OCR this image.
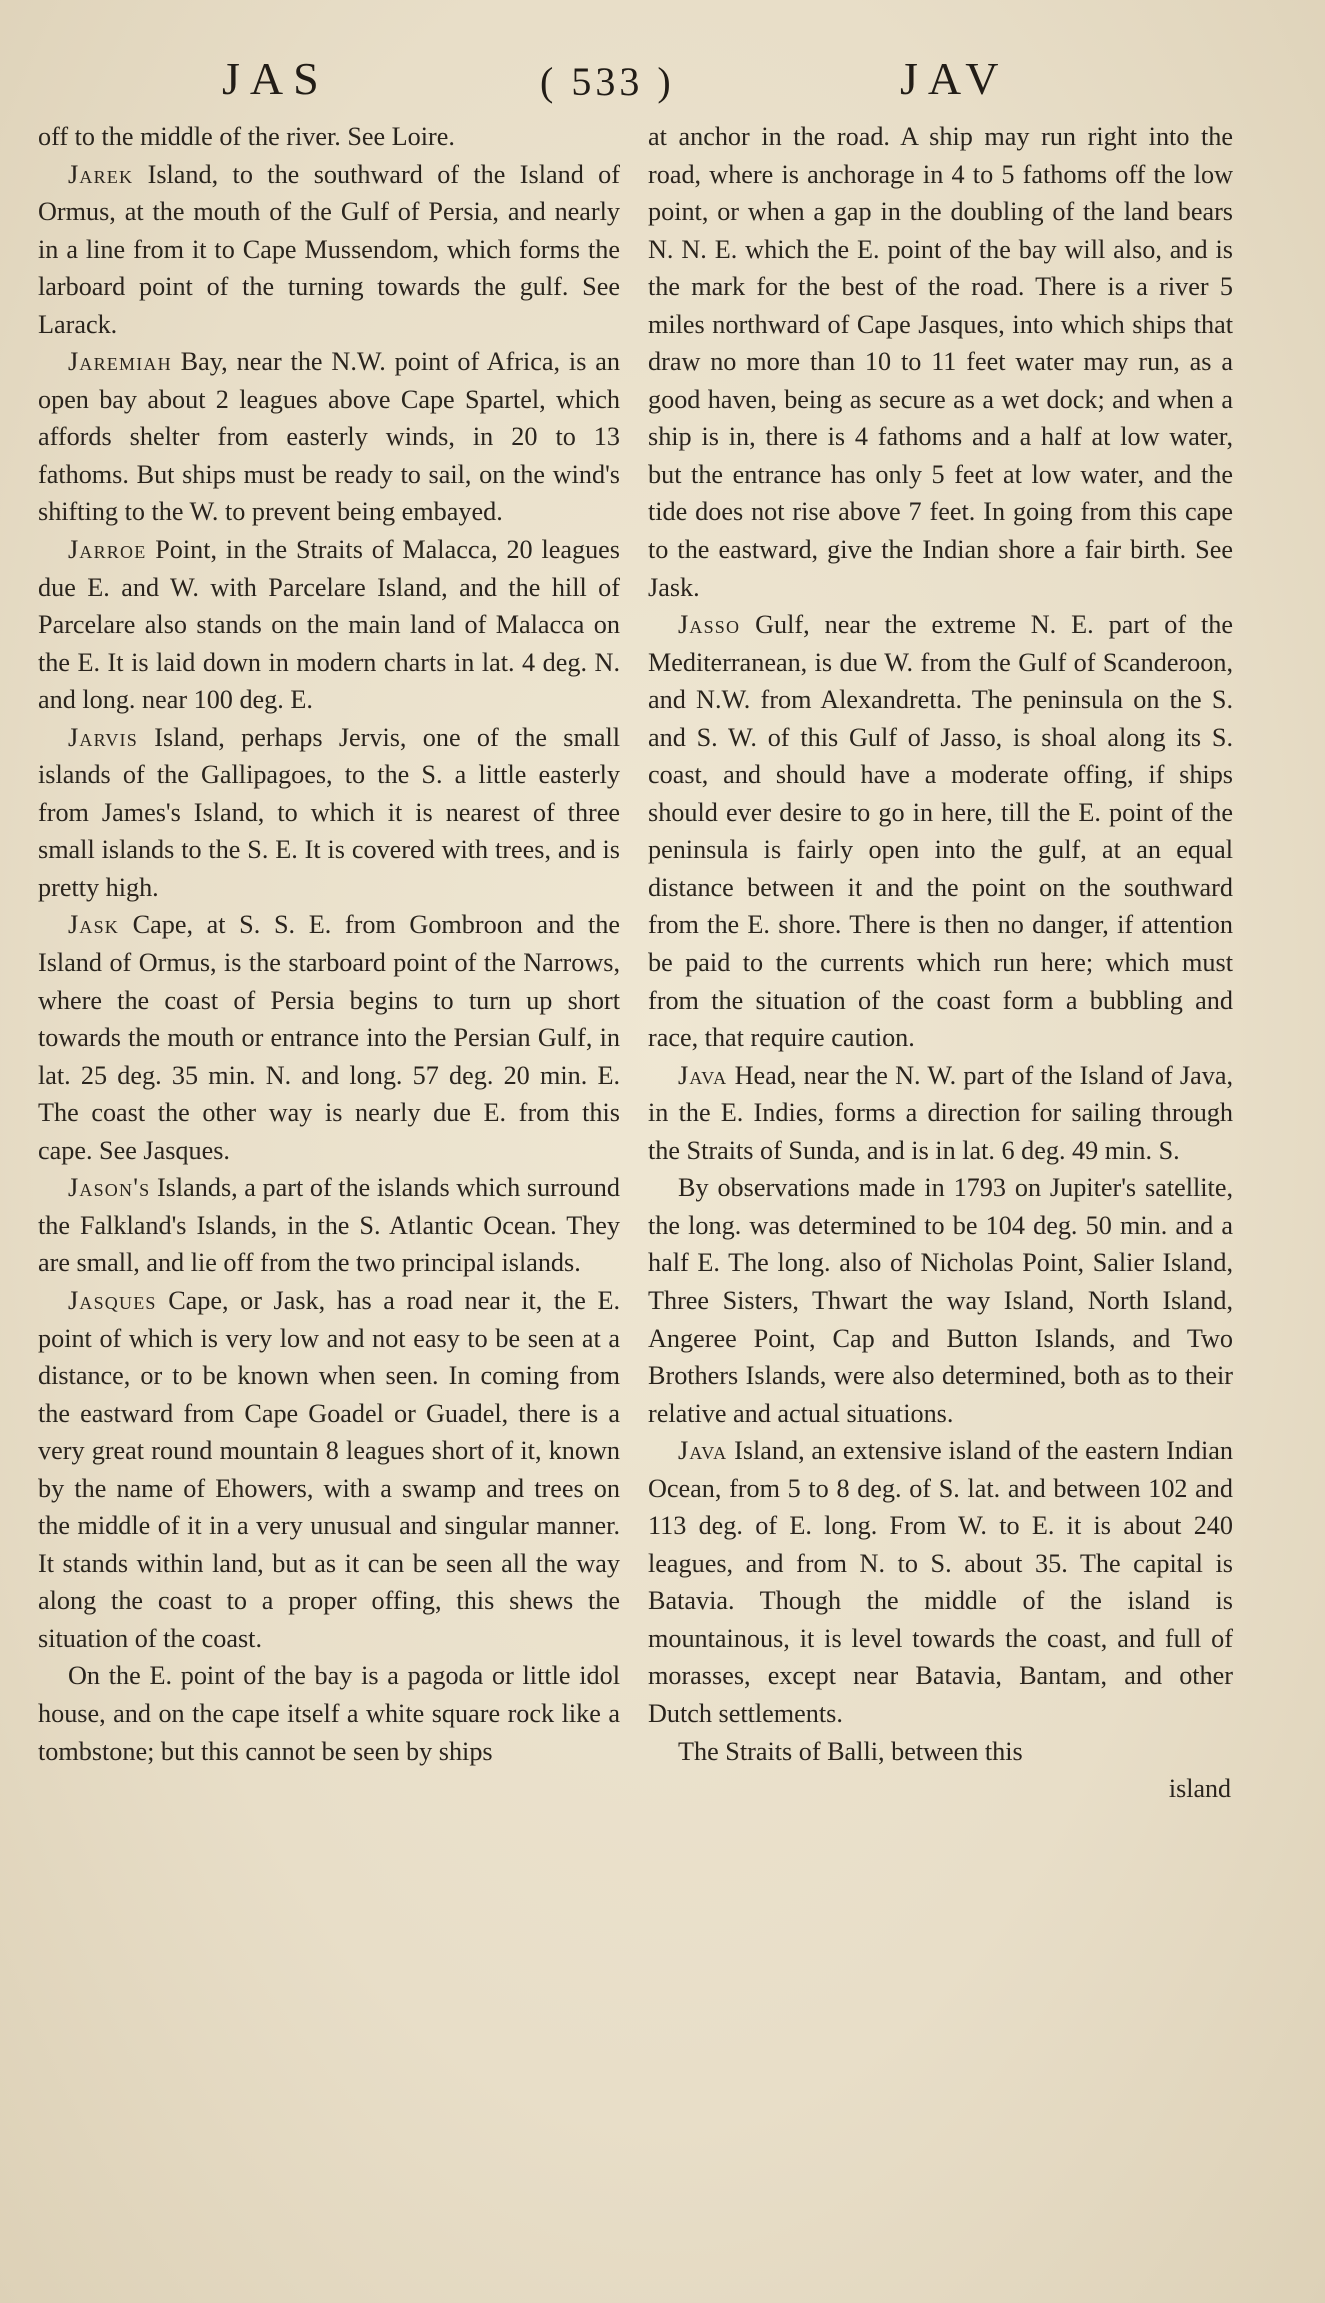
JAS	( 533 )	JAV

off to the middle of the river. See Loire.

Jarek Island, to the southward of the Island of Ormus, at the mouth of the Gulf of Persia, and nearly in a line from it to Cape Mussendom, which forms the larboard point of the turning towards the gulf. See Larack.

Jaremiah Bay, near the N.W. point of Africa, is an open bay about 2 leagues above Cape Spartel, which affords shelter from easterly winds, in 20 to 13 fathoms. But ships must be ready to sail, on the wind's shifting to the W. to prevent being embayed.

Jarroe Point, in the Straits of Malacca, 20 leagues due E. and W. with Parcelare Island, and the hill of Parcelare also stands on the main land of Malacca on the E. It is laid down in modern charts in lat. 4 deg. N. and long. near 100 deg. E.

Jarvis Island, perhaps Jervis, one of the small islands of the Gallipagoes, to the S. a little easterly from James's Island, to which it is nearest of three small islands to the S. E. It is covered with trees, and is pretty high.

Jask Cape, at S. S. E. from Gombroon and the Island of Ormus, is the starboard point of the Narrows, where the coast of Persia begins to turn up short towards the mouth or entrance into the Persian Gulf, in lat. 25 deg. 35 min. N. and long. 57 deg. 20 min. E. The coast the other way is nearly due E. from this cape. See Jasques.

Jason's Islands, a part of the islands which surround the Falkland's Islands, in the S. Atlantic Ocean. They are small, and lie off from the two principal islands.

Jasques Cape, or Jask, has a road near it, the E. point of which is very low and not easy to be seen at a distance, or to be known when seen. In coming from the eastward from Cape Goadel or Guadel, there is a very great round mountain 8 leagues short of it, known by the name of Ehowers, with a swamp and trees on the middle of it in a very unusual and singular manner. It stands within land, but as it can be seen all the way along the coast to a proper offing, this shews the situation of the coast.

On the E. point of the bay is a pagoda or little idol house, and on the cape itself a white square rock like a tombstone; but this cannot be seen by ships

at anchor in the road. A ship may run right into the road, where is anchorage in 4 to 5 fathoms off the low point, or when a gap in the doubling of the land bears N. N. E. which the E. point of the bay will also, and is the mark for the best of the road. There is a river 5 miles northward of Cape Jasques, into which ships that draw no more than 10 to 11 feet water may run, as a good haven, being as secure as a wet dock; and when a ship is in, there is 4 fathoms and a half at low water, but the entrance has only 5 feet at low water, and the tide does not rise above 7 feet. In going from this cape to the eastward, give the Indian shore a fair birth. See Jask.

Jasso Gulf, near the extreme N. E. part of the Mediterranean, is due W. from the Gulf of Scanderoon, and N.W. from Alexandretta. The peninsula on the S. and S. W. of this Gulf of Jasso, is shoal along its S. coast, and should have a moderate offing, if ships should ever desire to go in here, till the E. point of the peninsula is fairly open into the gulf, at an equal distance between it and the point on the southward from the E. shore. There is then no danger, if attention be paid to the currents which run here; which must from the situation of the coast form a bubbling and race, that require caution.

Java Head, near the N. W. part of the Island of Java, in the E. Indies, forms a direction for sailing through the Straits of Sunda, and is in lat. 6 deg. 49 min. S.

By observations made in 1793 on Jupiter's satellite, the long. was determined to be 104 deg. 50 min. and a half E. The long. also of Nicholas Point, Salier Island, Three Sisters, Thwart the way Island, North Island, Angeree Point, Cap and Button Islands, and Two Brothers Islands, were also determined, both as to their relative and actual situations.

Java Island, an extensive island of the eastern Indian Ocean, from 5 to 8 deg. of S. lat. and between 102 and 113 deg. of E. long. From W. to E. it is about 240 leagues, and from N. to S. about 35. The capital is Batavia. Though the middle of the island is mountainous, it is level towards the coast, and full of morasses, except near Batavia, Bantam, and other Dutch settlements.

The Straits of Balli, between this

island
